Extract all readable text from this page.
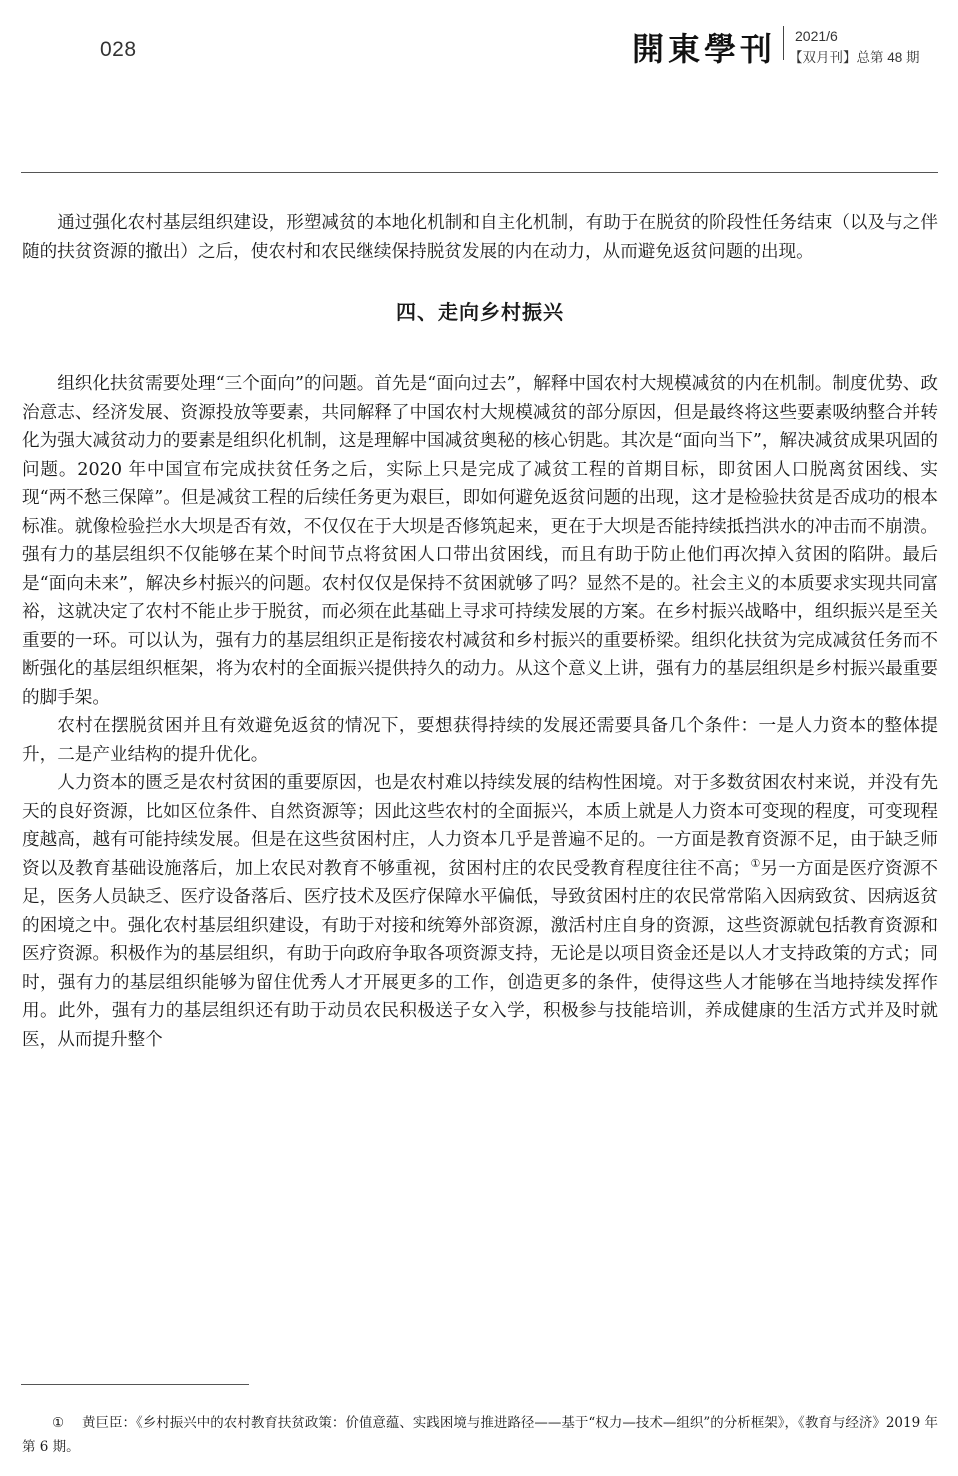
028	開東學刊 2021/6
【双月刊】总第 48 期

通过强化农村基层组织建设，形塑减贫的本地化机制和自主化机制，有助于在脱贫的阶段性任务结束（以及与之伴随的扶贫资源的撤出）之后，使农村和农民继续保持脱贫发展的内在动力，从而避免返贫问题的出现。

四、走向乡村振兴

组织化扶贫需要处理“三个面向”的问题。首先是“面向过去”，解释中国农村大规模减贫的内在机制。制度优势、政治意志、经济发展、资源投放等要素，共同解释了中国农村大规模减贫的部分原因，但是最终将这些要素吸纳整合并转化为强大减贫动力的要素是组织化机制，这是理解中国减贫奥秘的核心钥匙。其次是“面向当下”，解决减贫成果巩固的问题。2020 年中国宣布完成扶贫任务之后，实际上只是完成了减贫工程的首期目标，即贫困人口脱离贫困线、实现“两不愁三保障”。但是减贫工程的后续任务更为艰巨，即如何避免返贫问题的出现，这才是检验扶贫是否成功的根本标准。就像检验拦水大坝是否有效，不仅仅在于大坝是否修筑起来，更在于大坝是否能持续抵挡洪水的冲击而不崩溃。强有力的基层组织不仅能够在某个时间节点将贫困人口带出贫困线，而且有助于防止他们再次掉入贫困的陷阱。最后是“面向未来”，解决乡村振兴的问题。农村仅仅是保持不贫困就够了吗？显然不是的。社会主义的本质要求实现共同富裕，这就决定了农村不能止步于脱贫，而必须在此基础上寻求可持续发展的方案。在乡村振兴战略中，组织振兴是至关重要的一环。可以认为，强有力的基层组织正是衔接农村减贫和乡村振兴的重要桥梁。组织化扶贫为完成减贫任务而不断强化的基层组织框架，将为农村的全面振兴提供持久的动力。从这个意义上讲，强有力的基层组织是乡村振兴最重要的脚手架。

农村在摆脱贫困并且有效避免返贫的情况下，要想获得持续的发展还需要具备几个条件：一是人力资本的整体提升，二是产业结构的提升优化。

人力资本的匮乏是农村贫困的重要原因，也是农村难以持续发展的结构性困境。对于多数贫困农村来说，并没有先天的良好资源，比如区位条件、自然资源等；因此这些农村的全面振兴，本质上就是人力资本可变现的程度，可变现程度越高，越有可能持续发展。但是在这些贫困村庄，人力资本几乎是普遍不足的。一方面是教育资源不足，由于缺乏师资以及教育基础设施落后，加上农民对教育不够重视，贫困村庄的农民受教育程度往往不高；①另一方面是医疗资源不足，医务人员缺乏、医疗设备落后、医疗技术及医疗保障水平偏低，导致贫困村庄的农民常常陷入因病致贫、因病返贫的困境之中。强化农村基层组织建设，有助于对接和统筹外部资源，激活村庄自身的资源，这些资源就包括教育资源和医疗资源。积极作为的基层组织，有助于向政府争取各项资源支持，无论是以项目资金还是以人才支持政策的方式；同时，强有力的基层组织能够为留住优秀人才开展更多的工作，创造更多的条件，使得这些人才能够在当地持续发挥作用。此外，强有力的基层组织还有助于动员农民积极送子女入学，积极参与技能培训，养成健康的生活方式并及时就医，从而提升整个

① 黄巨臣：《乡村振兴中的农村教育扶贫政策：价值意蕴、实践困境与推进路径——基于“权力—技术—组织”的分析框架》，《教育与经济》2019 年第 6 期。
